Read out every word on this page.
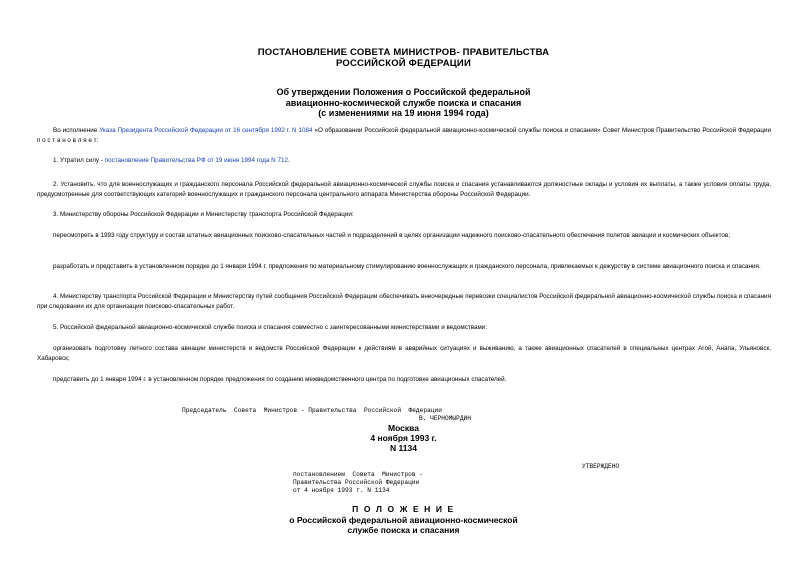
ПОСТАНОВЛЕНИЕ СОВЕТА МИНИСТРОВ- ПРАВИТЕЛЬСТВА
РОССИЙСКОЙ ФЕДЕРАЦИИ
Об утверждении Положения о Российской федеральной
авиационно-космической службе поиска и спасания
(с изменениями на 19 июня 1994 года)
Во исполнение Указа Президента Российской Федерации от 16 сентября 1992 г. N 1084 «О образовании Российской федеральной авиационно-космической службы поиска и спасания» Совет Министров Правительство Российской Федерации п о с т а н о в л я е т:
1. Утратил силу - постановление Правительства РФ от 19 июня 1994 года N 712.
2. Установить, что для военнослужащих и гражданского персонала Российской федеральной авиационно-космической службы поиска и спасания устанавливаются должностные оклады и условия их выплаты, а также условия оплаты труда, предусмотренные для соответствующих категорий военнослужащих и гражданского персонала центрального аппарата Министерства обороны Российской Федерации.
3. Министерству обороны Российской Федерации и Министерству транспорта Российской Федерации:
пересмотреть в 1993 году структуру и состав штатных авиационных поисково-спасательных частей и подразделений в целях организации надежного поисково-спасательного обеспечения полетов авиации и космических объектов;
разработать и представить в установленном порядке до 1 января 1994 г. предложения по материальному стимулированию военнослужащих и гражданского персонала, привлекаемых к дежурству в системе авиационного поиска и спасания.
4. Министерству транспорта Российской Федерации и Министерству путей сообщения Российской Федерации обеспечивать внеочередные перевозки специалистов Российской федеральной авиационно-космической службы поиска и спасания при следовании их для организации поисково-спасательных работ.
5. Российской федеральной авиационно-космической службе поиска и спасания совместно с заинтересованными министерствами и ведомствами:
организовать подготовку летного состава авиации министерств и ведомств Российской Федерации к действиям в аварийных ситуациях и выживанию, а также авиационных спасателей в специальных центрах Агой, Анапа, Ульяновск, Хабаровск;
представить до 1 января 1994 г. в установленном порядке предложения по созданию межведомственного центра по подготовке авиационных спасателей.
Председатель  Совета  Министров - Правительства  Российской  Федерации
В. ЧЕРНОМЫРДИН
Москва
4 ноября 1993 г.
N 1134
УТВЕРЖДЕНО
постановлением  Совета  Министров -
Правительства Российской Федерации
от 4 ноября 1993 г. N 1134
П О Л О Ж Е Н И Е
о Российской федеральной авиационно-космической
службе поиска и спасания
